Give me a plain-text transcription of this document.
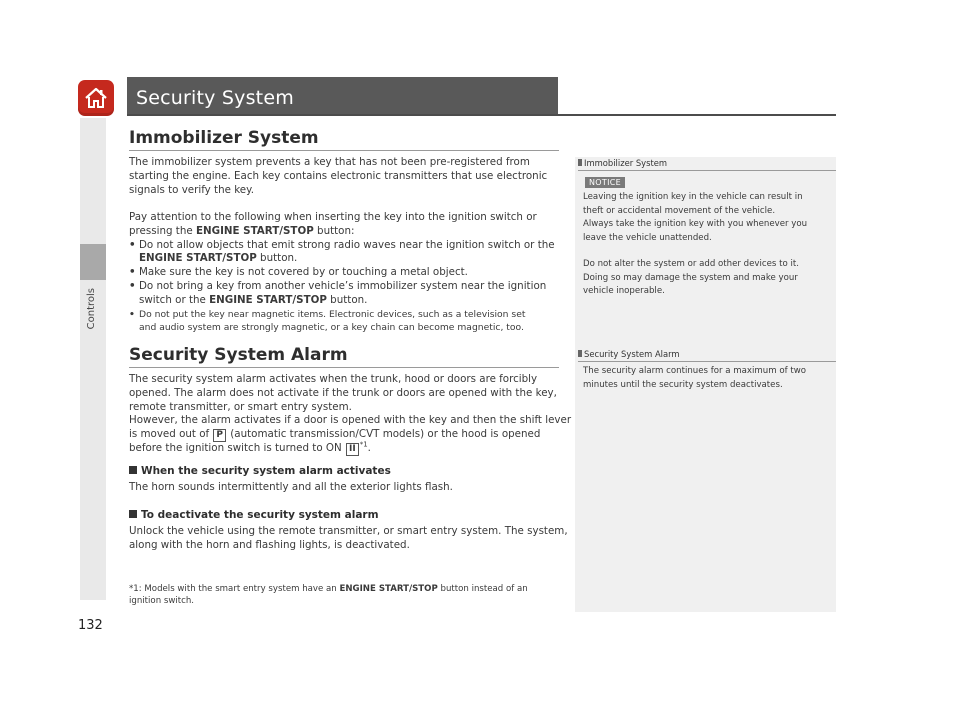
Controls
Security System
Immobilizer System
The immobilizer system prevents a key that has not been pre-registered from
starting the engine. Each key contains electronic transmitters that use electronic
signals to verify the key.
Pay attention to the following when inserting the key into the ignition switch or
pressing the ENGINE START/STOP button:
• Do not allow objects that emit strong radio waves near the ignition switch or the
ENGINE START/STOP button.
• Make sure the key is not covered by or touching a metal object.
• Do not bring a key from another vehicle’s immobilizer system near the ignition
switch or the ENGINE START/STOP button.
• Do not put the key near magnetic items. Electronic devices, such as a television set
and audio system are strongly magnetic, or a key chain can become magnetic, too.
Security System Alarm
The security system alarm activates when the trunk, hood or doors are forcibly
opened. The alarm does not activate if the trunk or doors are opened with the key,
remote transmitter, or smart entry system.
However, the alarm activates if a door is opened with the key and then the shift lever
is moved out of P (automatic transmission/CVT models) or the hood is opened
before the ignition switch is turned to ON II $^{*1}$.
When the security system alarm activates
The horn sounds intermittently and all the exterior lights flash.
To deactivate the security system alarm
Unlock the vehicle using the remote transmitter, or smart entry system. The system,
along with the horn and flashing lights, is deactivated.
*1: Models with the smart entry system have an ENGINE START/STOP button instead of an
ignition switch.
Immobilizer System
NOTICE
Leaving the ignition key in the vehicle can result in
theft or accidental movement of the vehicle.
Always take the ignition key with you whenever you
leave the vehicle unattended.
Do not alter the system or add other devices to it.
Doing so may damage the system and make your
vehicle inoperable.
Security System Alarm
The security alarm continues for a maximum of two
minutes until the security system deactivates.
132
